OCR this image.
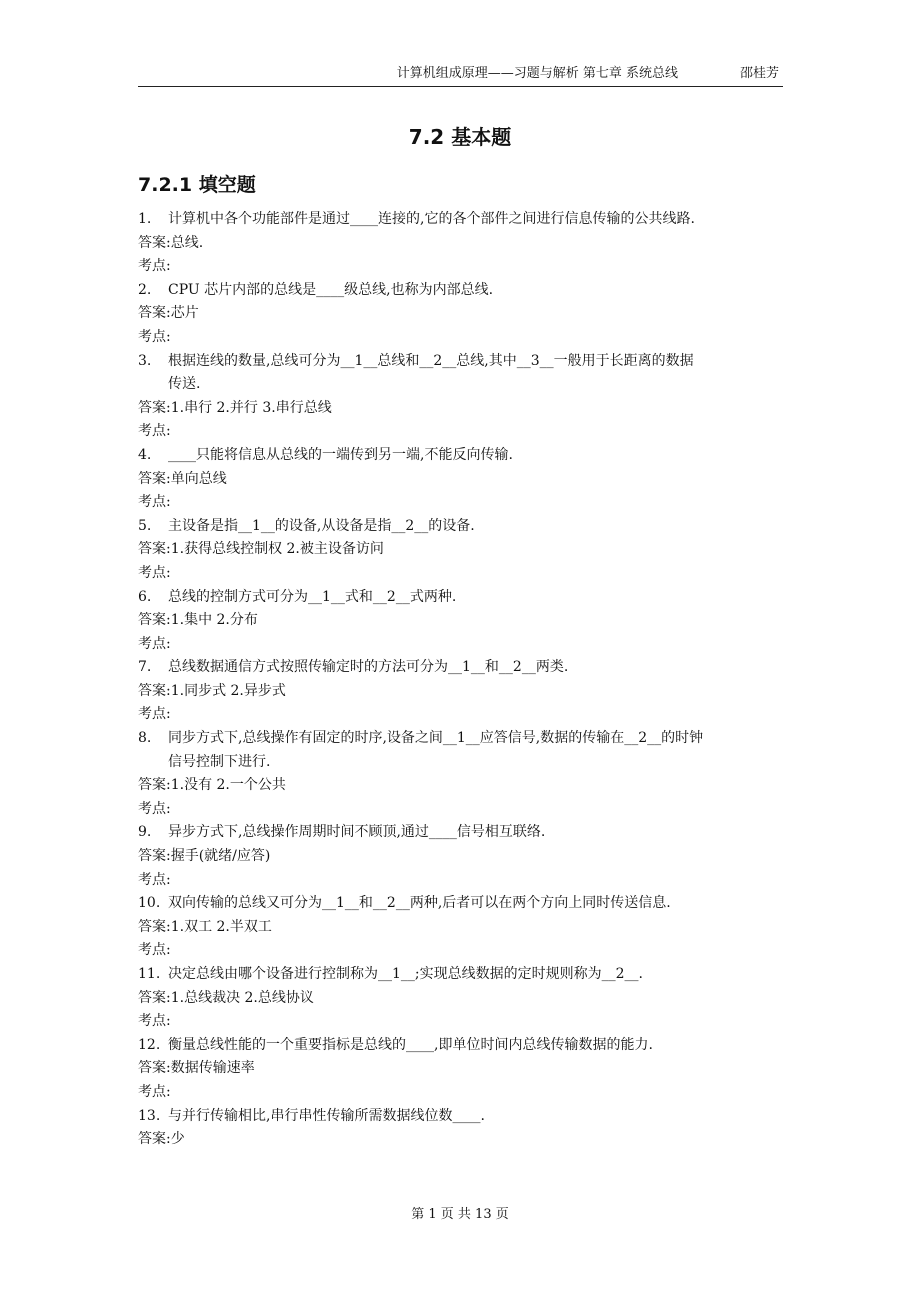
计算机组成原理——习题与解析 第七章 系统总线	邵桂芳
7.2 基本题
7.2.1 填空题
1. 计算机中各个功能部件是通过____连接的,它的各个部件之间进行信息传输的公共线路.
答案:总线.
考点:
2. CPU 芯片内部的总线是____级总线,也称为内部总线.
答案:芯片
考点:
3. 根据连线的数量,总线可分为__1__总线和__2__总线,其中__3__一般用于长距离的数据
传送.
答案:1.串行 2.并行 3.串行总线
考点:
4. ____只能将信息从总线的一端传到另一端,不能反向传输.
答案:单向总线
考点:
5. 主设备是指__1__的设备,从设备是指__2__的设备.
答案:1.获得总线控制权 2.被主设备访问
考点:
6. 总线的控制方式可分为__1__式和__2__式两种.
答案:1.集中 2.分布
考点:
7. 总线数据通信方式按照传输定时的方法可分为__1__和__2__两类.
答案:1.同步式 2.异步式
考点:
8. 同步方式下,总线操作有固定的时序,设备之间__1__应答信号,数据的传输在__2__的时钟
信号控制下进行.
答案:1.没有 2.一个公共
考点:
9. 异步方式下,总线操作周期时间不顾顶,通过____信号相互联络.
答案:握手(就绪/应答)
考点:
10. 双向传输的总线又可分为__1__和__2__两种,后者可以在两个方向上同时传送信息.
答案:1.双工 2.半双工
考点:
11. 决定总线由哪个设备进行控制称为__1__;实现总线数据的定时规则称为__2__.
答案:1.总线裁决 2.总线协议
考点:
12. 衡量总线性能的一个重要指标是总线的____,即单位时间内总线传输数据的能力.
答案:数据传输速率
考点:
13. 与并行传输相比,串行串性传输所需数据线位数____.
答案:少
第 1 页 共 13 页
